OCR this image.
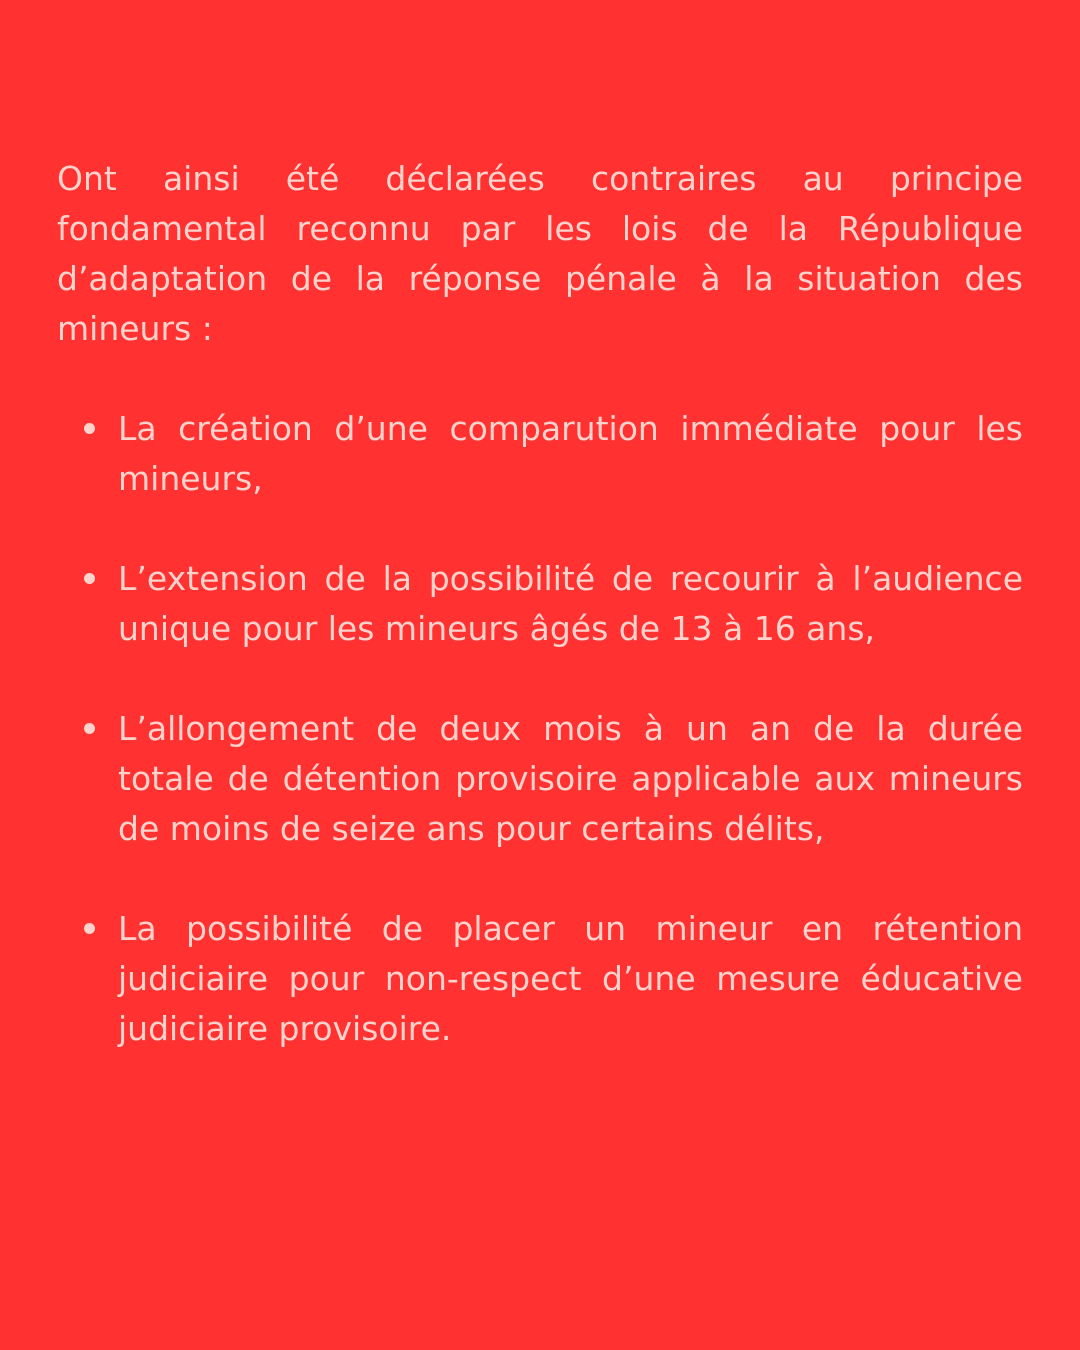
Ont ainsi été déclarées contraires au principe fondamental reconnu par les lois de la République d’adaptation de la réponse pénale à la situation des mineurs :

La création d’une comparution immédiate pour les mineurs,
L’extension de la possibilité de recourir à l’audience unique pour les mineurs âgés de 13 à 16 ans,
L’allongement de deux mois à un an de la durée totale de détention provisoire applicable aux mineurs de moins de seize ans pour certains délits,
La possibilité de placer un mineur en rétention judiciaire pour non-respect d’une mesure éducative judiciaire provisoire.
